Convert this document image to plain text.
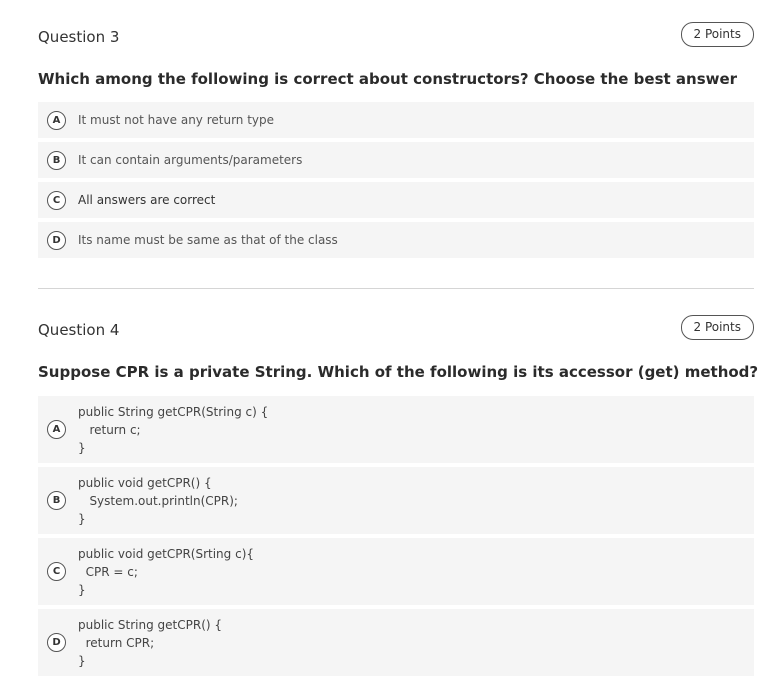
Question 3	2 Points
Which among the following is correct about constructors? Choose the best answer
A	It must not have any return type
B	It can contain arguments/parameters
C	All answers are correct
D	Its name must be same as that of the class
Question 4	2 Points
Suppose CPR is a private String. Which of the following is its accessor (get) method?
A
public String getCPR(String c) {
return c;
}
B
public void getCPR() {
System.out.println(CPR);
}
C
public void getCPR(Srting c){
CPR = c;
}
D
public String getCPR() {
return CPR;
}
